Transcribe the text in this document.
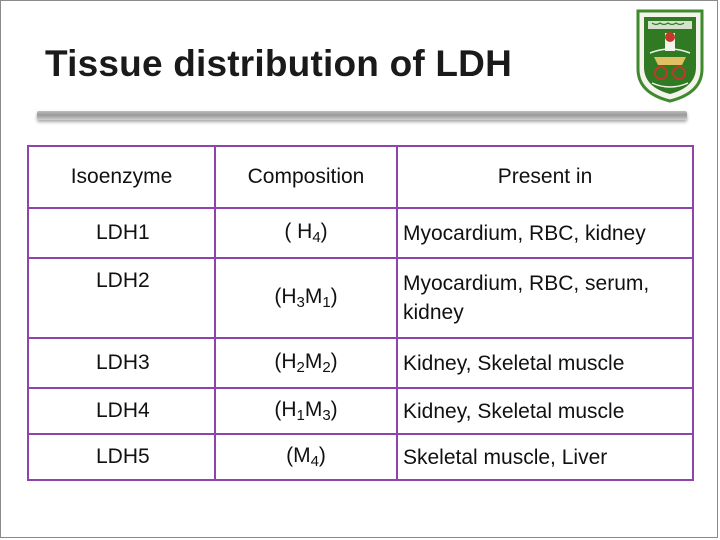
Tissue distribution of LDH
Isoenzyme	Composition	Present in
LDH1	( $H_4$)	Myocardium, RBC, kidney
LDH2	$(H_3M_1)$	Myocardium, RBC, serum, kidney
LDH3	$(H_2M_2)$	Kidney, Skeletal muscle
LDH4	$(H_1M_3)$	Kidney, Skeletal muscle
LDH5	$(M_4)$	Skeletal muscle, Liver
